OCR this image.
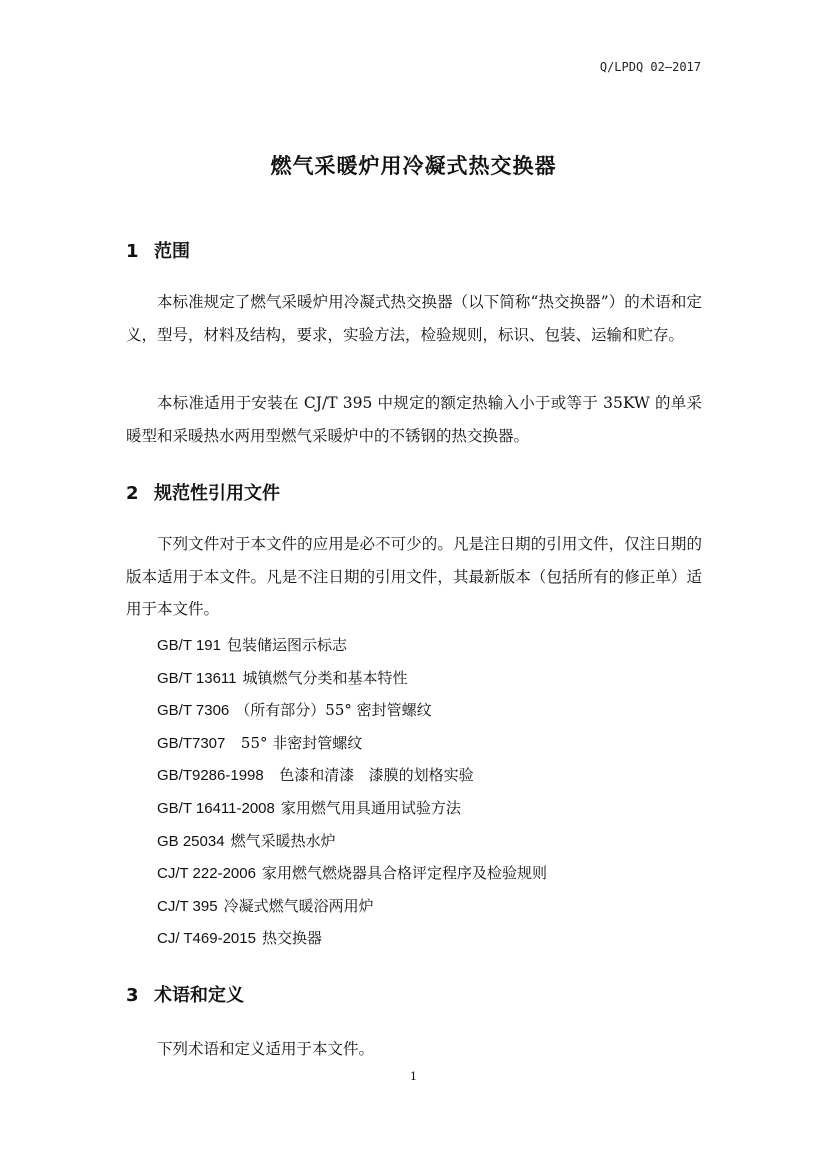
Q/LPDQ 02—2017
燃气采暖炉用冷凝式热交换器
1 范围

本标准规定了燃气采暖炉用冷凝式热交换器（以下简称“热交换器”）的术语和定义，型号，材料及结构，要求，实验方法，检验规则，标识、包装、运输和贮存。

本标准适用于安装在 CJ/T 395 中规定的额定热输入小于或等于 35KW 的单采暖型和采暖热水两用型燃气采暖炉中的不锈钢的热交换器。

2 规范性引用文件

下列文件对于本文件的应用是必不可少的。凡是注日期的引用文件，仅注日期的版本适用于本文件。凡是不注日期的引用文件，其最新版本（包括所有的修正单）适用于本文件。

GB/T 191 包装储运图示标志
GB/T 13611 城镇燃气分类和基本特性
GB/T 7306 （所有部分）55° 密封管螺纹
GB/T7307  55° 非密封管螺纹
GB/T9286-1998  色漆和清漆   漆膜的划格实验
GB/T 16411-2008 家用燃气用具通用试验方法
GB 25034 燃气采暖热水炉
CJ/T 222-2006 家用燃气燃烧器具合格评定程序及检验规则
CJ/T 395 冷凝式燃气暖浴两用炉
CJ/ T469-2015 热交换器
3 术语和定义

下列术语和定义适用于本文件。

1
